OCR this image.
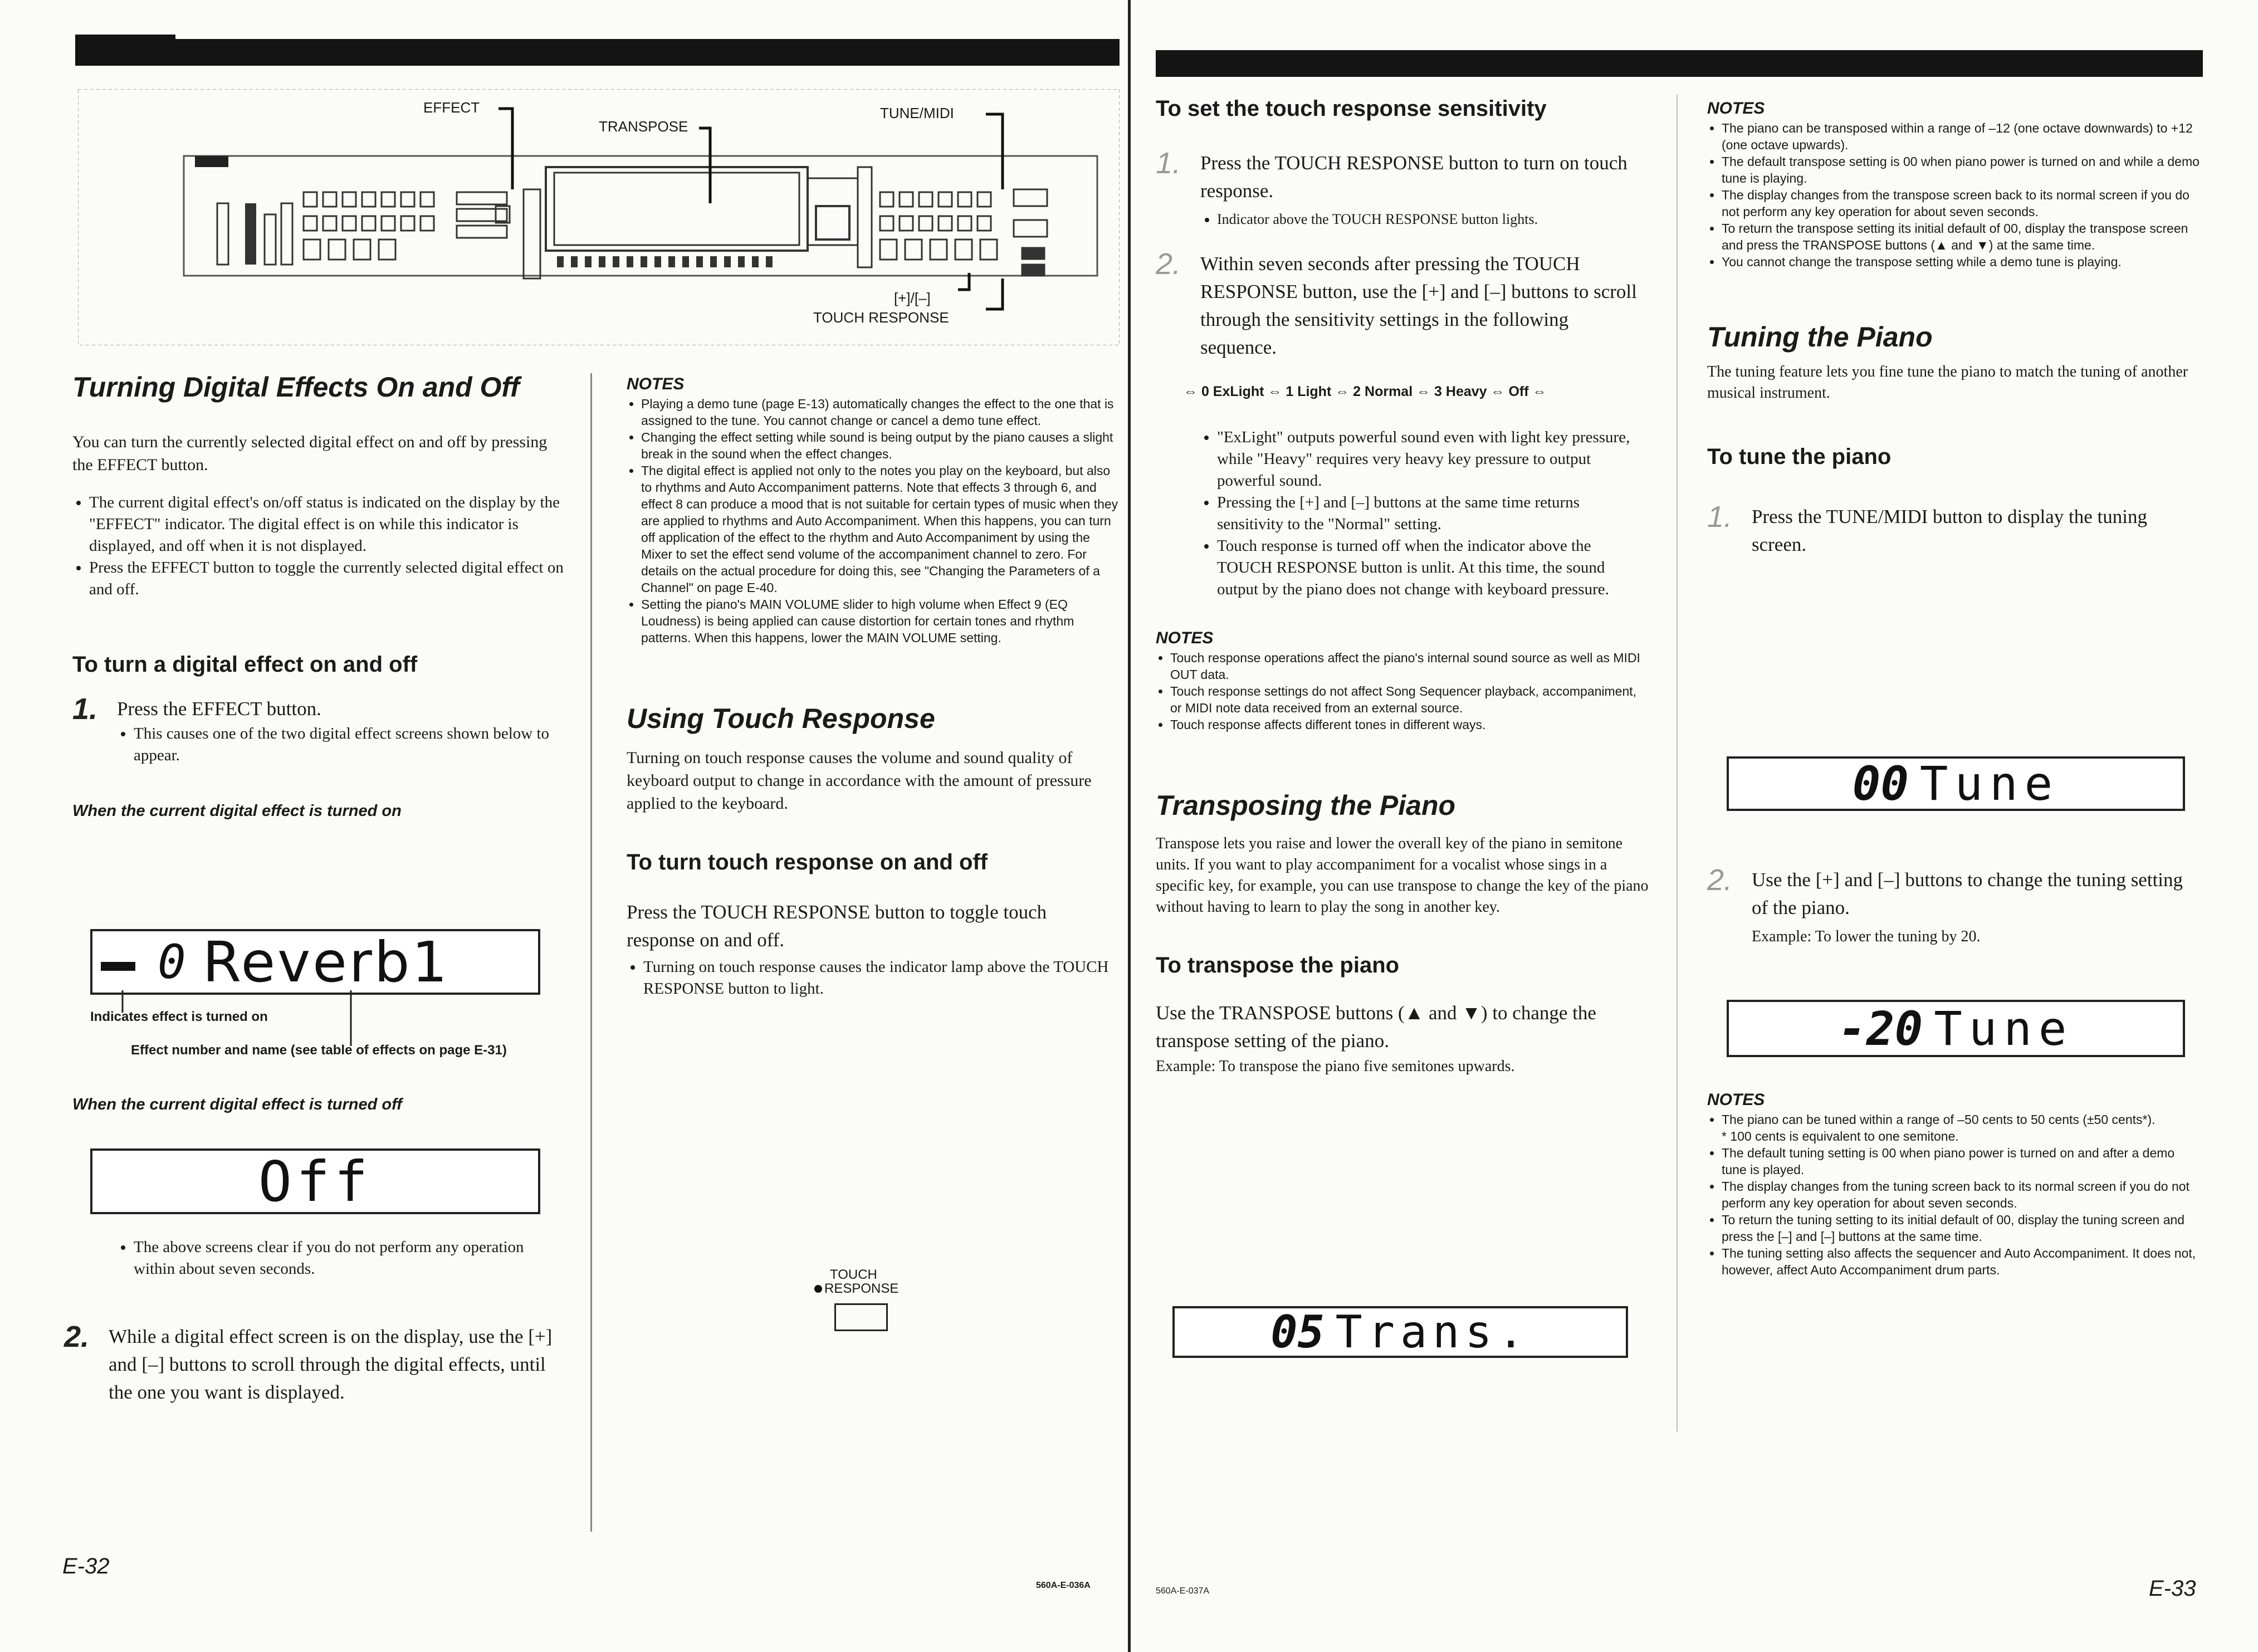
EFFECT
TRANSPOSE
TUNE/MIDI
[+]/[–]
TOUCH RESPONSE
Turning Digital Effects On and Off

You can turn the currently selected digital effect on and off by pressing the EFFECT button.

• The current digital effect's on/off status is indicated on the display by the "EFFECT" indicator. The digital effect is on while this indicator is displayed, and off when it is not displayed.
• Press the EFFECT button to toggle the currently selected digital effect on and off.
To turn a digital effect on and off
1. Press the EFFECT button.

• This causes one of the two digital effect screens shown below to appear.

When the current digital effect is turned on

0 Reverb1
Indicates effect is turned on
Effect number and name (see table of effects on page E-31)

When the current digital effect is turned off

Off
• The above screens clear if you do not perform any operation within about seven seconds.
2. While a digital effect screen is on the display, use the [+] and [–] buttons to scroll through the digital effects, until the one you want is displayed.

NOTES

• Playing a demo tune (page E-13) automatically changes the effect to the one that is assigned to the tune. You cannot change or cancel a demo tune effect.
• Changing the effect setting while sound is being output by the piano causes a slight break in the sound when the effect changes.
• The digital effect is applied not only to the notes you play on the keyboard, but also to rhythms and Auto Accompaniment patterns. Note that effects 3 through 6, and effect 8 can produce a mood that is not suitable for certain types of music when they are applied to rhythms and Auto Accompaniment. When this happens, you can turn off application of the effect to the rhythm and Auto Accompaniment by using the Mixer to set the effect send volume of the accompaniment channel to zero. For details on the actual procedure for doing this, see "Changing the Parameters of a Channel" on page E-40.
• Setting the piano's MAIN VOLUME slider to high volume when Effect 9 (EQ Loudness) is being applied can cause distortion for certain tones and rhythm patterns. When this happens, lower the MAIN VOLUME setting.
Using Touch Response

Turning on touch response causes the volume and sound quality of keyboard output to change in accordance with the amount of pressure applied to the keyboard.

To turn touch response on and off

Press the TOUCH RESPONSE button to toggle touch response on and off.

• Turning on touch response causes the indicator lamp above the TOUCH RESPONSE button to light.
TOUCH
RESPONSE
E-32
560A-E-036A
To set the touch response sensitivity
1. Press the TOUCH RESPONSE button to turn on touch response.

• Indicator above the TOUCH RESPONSE button lights.
2. Within seven seconds after pressing the TOUCH RESPONSE button, use the [+] and [–] buttons to scroll through the sensitivity settings in the following sequence.

⇔ 0 ExLight ⇔ 1 Light ⇔ 2 Normal ⇔ 3 Heavy ⇔ Off ⇔

• "ExLight" outputs powerful sound even with light key pressure, while "Heavy" requires very heavy key pressure to output powerful sound.
• Pressing the [+] and [–] buttons at the same time returns sensitivity to the "Normal" setting.
• Touch response is turned off when the indicator above the TOUCH RESPONSE button is unlit. At this time, the sound output by the piano does not change with keyboard pressure.

NOTES

• Touch response operations affect the piano's internal sound source as well as MIDI OUT data.
• Touch response settings do not affect Song Sequencer playback, accompaniment, or MIDI note data received from an external source.
• Touch response affects different tones in different ways.
Transposing the Piano

Transpose lets you raise and lower the overall key of the piano in semitone units. If you want to play accompaniment for a vocalist whose sings in a specific key, for example, you can use transpose to change the key of the piano without having to learn to play the song in another key.

To transpose the piano

Use the TRANSPOSE buttons (▲ and ▼) to change the transpose setting of the piano.

Example: To transpose the piano five semitones upwards.

05 Trans.

NOTES

• The piano can be transposed within a range of –12 (one octave downwards) to +12 (one octave upwards).
• The default transpose setting is 00 when piano power is turned on and while a demo tune is playing.
• The display changes from the transpose screen back to its normal screen if you do not perform any key operation for about seven seconds.
• To return the transpose setting its initial default of 00, display the transpose screen and press the TRANSPOSE buttons (▲ and ▼) at the same time.
• You cannot change the transpose setting while a demo tune is playing.
Tuning the Piano

The tuning feature lets you fine tune the piano to match the tuning of another musical instrument.

To tune the piano
1. Press the TUNE/MIDI button to display the tuning screen.

00 Tune
2. Use the [+] and [–] buttons to change the tuning setting of the piano.

Example: To lower the tuning by 20.

-20 Tune

NOTES

• The piano can be tuned within a range of –50 cents to 50 cents (±50 cents*).
* 100 cents is equivalent to one semitone.
• The default tuning setting is 00 when piano power is turned on and after a demo tune is played.
• The display changes from the tuning screen back to its normal screen if you do not perform any key operation for about seven seconds.
• To return the tuning setting to its initial default of 00, display the tuning screen and press the [–] and [–] buttons at the same time.
• The tuning setting also affects the sequencer and Auto Accompaniment. It does not, however, affect Auto Accompaniment drum parts.
560A-E-037A	E-33
